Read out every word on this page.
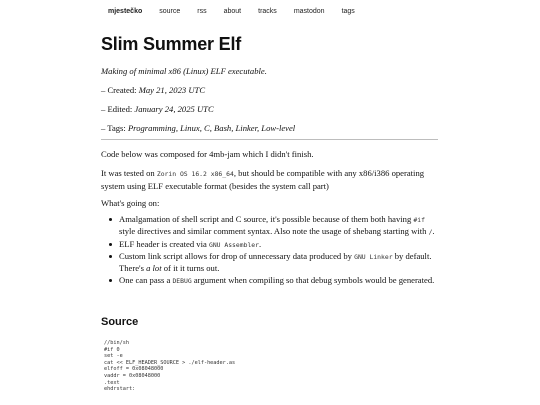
mjestečko source rss about tracks mastodon tags
Slim Summer Elf
Making of minimal x86 (Linux) ELF executable.
– Created: May 21, 2023 UTC
– Edited: January 24, 2025 UTC
– Tags: Programming, Linux, C, Bash, Linker, Low-level

Code below was composed for 4mb-jam which I didn't finish.

It was tested on Zorin OS 16.2 x86_64, but should be compatible with any x86/i386 operating system using ELF executable format (besides the system call part)

What's going on:

Amalgamation of shell script and C source, it's possible because of them both having #if style directives and similar comment syntax. Also note the usage of shebang starting with /.
ELF header is created via GNU Assembler.
Custom link script allows for drop of unnecessary data produced by GNU Linker by default. There's a lot of it it turns out.
One can pass a DEBUG argument when compiling so that debug symbols would be generated.
Source
//bin/sh
#if 0
set -e
cat << ELF_HEADER_SOURCE > ./elf-header.as
elfoff = 0x08048000
vaddr = 0x08048000
.text
ehdrstart:
